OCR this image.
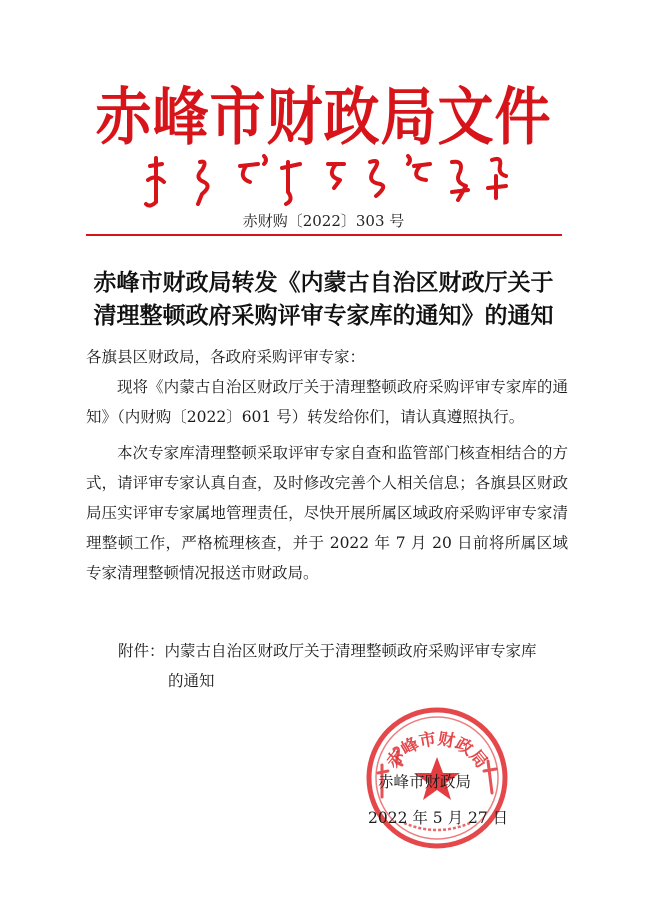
赤峰市财政局文件
赤财购〔2022〕303 号
赤峰市财政局转发《内蒙古自治区财政厅关于
清理整顿政府采购评审专家库的通知》的通知
各旗县区财政局，各政府采购评审专家：
现将《内蒙古自治区财政厅关于清理整顿政府采购评审专家库的通知》（内财购〔2022〕601 号）转发给你们，请认真遵照执行。
本次专家库清理整顿采取评审专家自查和监管部门核查相结合的方式，请评审专家认真自查，及时修改完善个人相关信息；各旗县区财政局压实评审专家属地管理责任，尽快开展所属区域政府采购评审专家清理整顿工作，严格梳理核查，并于 2022 年 7 月 20 日前将所属区域专家清理整顿情况报送市财政局。
附件：内蒙古自治区财政厅关于清理整顿政府采购评审专家库
的通知
赤峰市财政局
赤峰市财政局
2022 年 5 月 27 日
